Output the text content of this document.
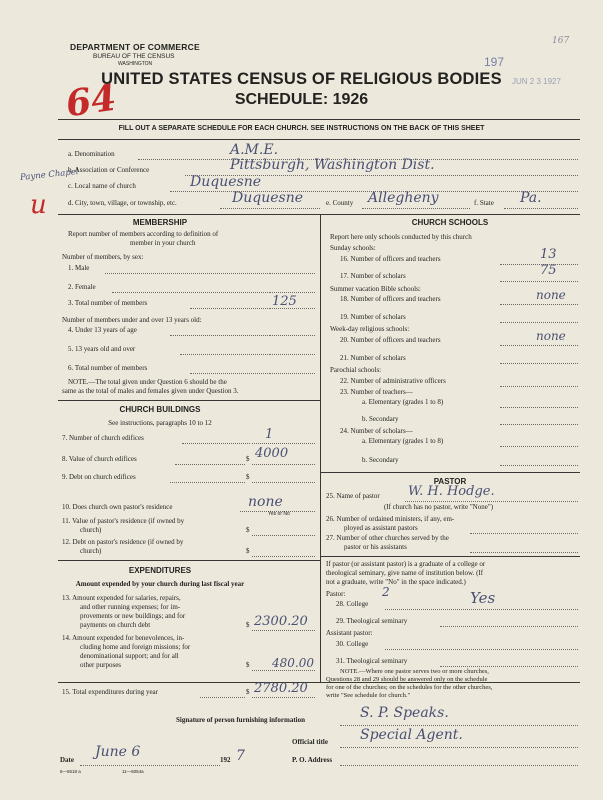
DEPARTMENT OF COMMERCE
BUREAU OF THE CENSUS
WASHINGTON
UNITED STATES CENSUS OF RELIGIOUS BODIES
SCHEDULE: 1926
FILL OUT A SEPARATE SCHEDULE FOR EACH CHURCH. SEE INSTRUCTIONS ON THE BACK OF THIS SHEET
64
u
197
JUN 2 3 1927
167
Payne Chapel
a. Denomination	A.M.E.
b. Association or Conference	Pittsburgh, Washington Dist.
c. Local name of church	Duquesne
d. City, town, village, or township, etc.	Duquesne	e. County Allegheny	f. State Pa.
MEMBERSHIP
Report number of members according to definition of
member in your church
Number of members, by sex:
1. Male
2. Female
3. Total number of members	125
Number of members under and over 13 years old:
4. Under 13 years of age
5. 13 years old and over
6. Total number of members
NOTE.—The total given under Question 6 should be the
same as the total of males and females given under Question 3.
CHURCH BUILDINGS
See instructions, paragraphs 10 to 12
7. Number of church edifices	1
8. Value of church edifices	$ 4000
9. Debt on church edifices	$
10. Does church own pastor's residence	none
Yes or No
11. Value of pastor's residence (if owned by
church)	$
12. Debt on pastor's residence (if owned by
church)	$
EXPENDITURES
Amount expended by your church during last fiscal year
13. Amount expended for salaries, repairs,
and other running expenses; for im-
provements or new buildings; and for
payments on church debt	$ 2300.20
14. Amount expended for benevolences, in-
cluding home and foreign missions; for
denominational support; and for all
other purposes	$ 480.00
15. Total expenditures during year	$ 2780.20
CHURCH SCHOOLS
Report here only schools conducted by this church
Sunday schools:
16. Number of officers and teachers	13
17. Number of scholars	75
Summer vacation Bible schools:
18. Number of officers and teachers	none
19. Number of scholars
Week-day religious schools:
20. Number of officers and teachers	none
21. Number of scholars
Parochial schools:
22. Number of administrative officers
23. Number of teachers—
a. Elementary (grades 1 to 8)
b. Secondary
24. Number of scholars—
a. Elementary (grades 1 to 8)
b. Secondary
PASTOR
25. Name of pastor W. H. Hodge.
(If church has no pastor, write "None")
26. Number of ordained ministers, if any, em-
ployed as assistant pastors
27. Number of other churches served by the
pastor or his assistants
If pastor (or assistant pastor) is a graduate of a college or
theological seminary, give name of institution below. (If
not a graduate, write "No" in the space indicated.)
Pastor:	2
28. College	Yes
29. Theological seminary
Assistant pastor:
30. College
31. Theological seminary
NOTE.—Where one pastor serves two or more churches,
Questions 28 and 29 should be answered only on the schedule
for one of the churches; on the schedules for the other churches,
write "See schedule for church."
Signature of person furnishing information	S. P. Speaks.
Official title Special Agent.
Date June 6	192 7	P. O. Address
6—5518 a	11—6054a
